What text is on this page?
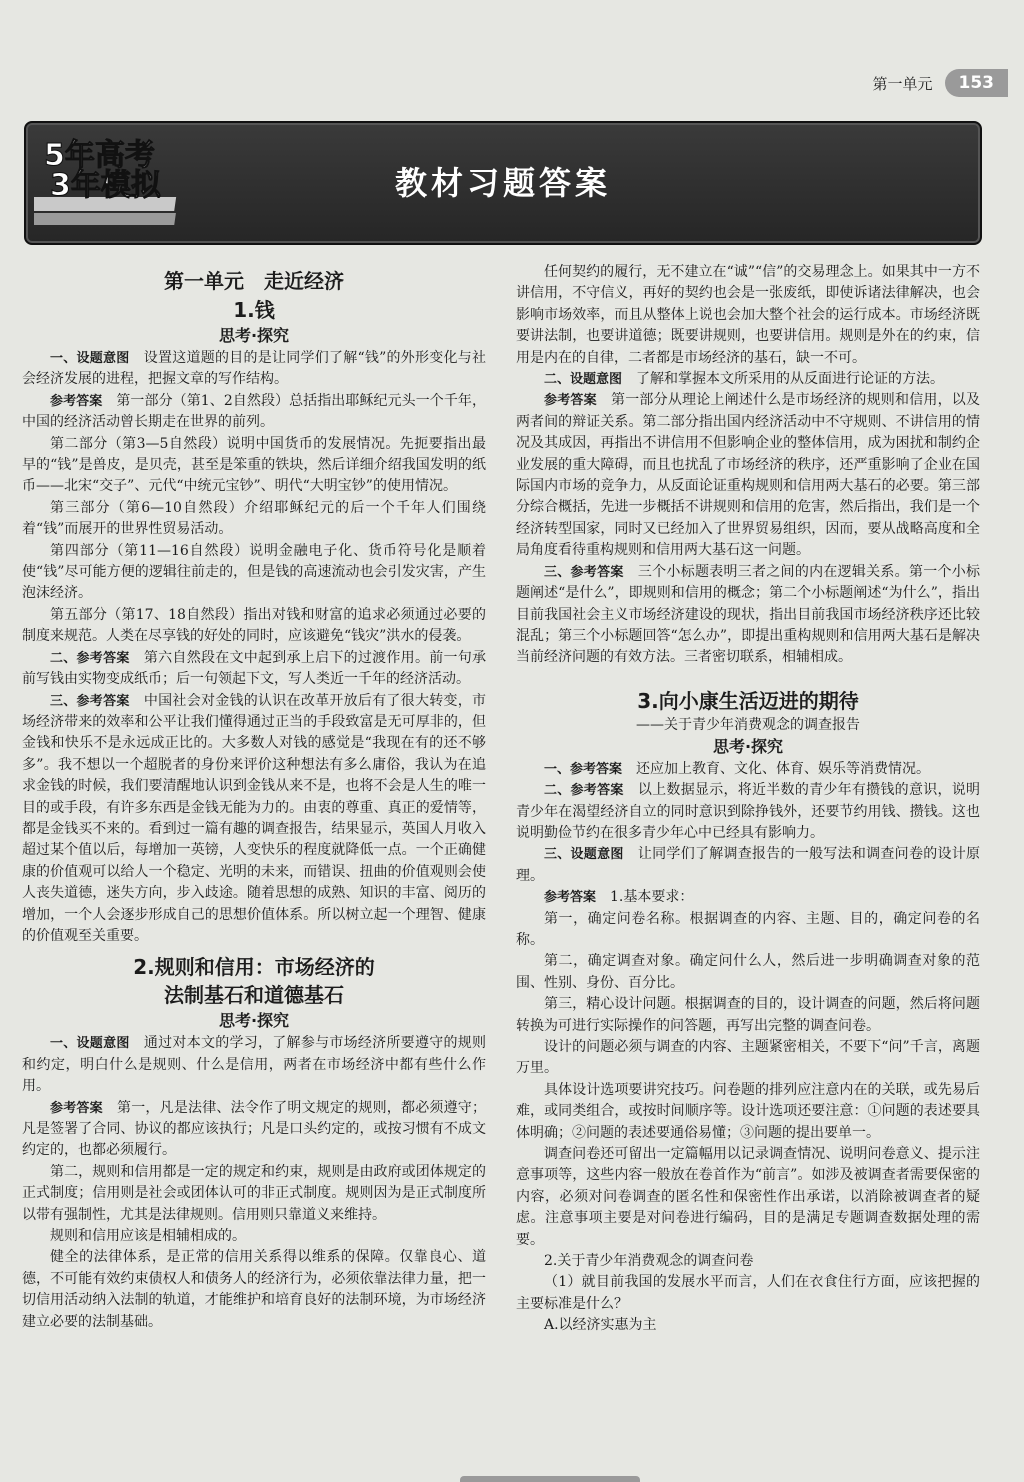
第一单元	153
5年高考
3年模拟	教材习题答案
第一单元　走近经济
1.钱
思考·探究

一、设题意图　 设置这道题的目的是让同学们了解“钱”的外形变化与社会经济发展的进程，把握文章的写作结构。

参考答案　 第一部分（第1、2自然段）总括指出耶稣纪元头一个千年，中国的经济活动曾长期走在世界的前列。

第二部分（第3—5自然段）说明中国货币的发展情况。先扼要指出最早的“钱”是兽皮，是贝壳，甚至是笨重的铁块，然后详细介绍我国发明的纸币——北宋“交子”、元代“中统元宝钞”、明代“大明宝钞”的使用情况。

第三部分（第6—10自然段）介绍耶稣纪元的后一个千年人们围绕着“钱”而展开的世界性贸易活动。

第四部分（第11—16自然段）说明金融电子化、货币符号化是顺着使“钱”尽可能方便的逻辑往前走的，但是钱的高速流动也会引发灾害，产生泡沫经济。

第五部分（第17、18自然段）指出对钱和财富的追求必须通过必要的制度来规范。人类在尽享钱的好处的同时，应该避免“钱灾”洪水的侵袭。

二、参考答案　 第六自然段在文中起到承上启下的过渡作用。前一句承前写钱由实物变成纸币；后一句领起下文，写人类近一千年的经济活动。

三、参考答案　 中国社会对金钱的认识在改革开放后有了很大转变，市场经济带来的效率和公平让我们懂得通过正当的手段致富是无可厚非的，但金钱和快乐不是永远成正比的。大多数人对钱的感觉是“我现在有的还不够多”。我不想以一个超脱者的身份来评价这种想法有多么庸俗，我认为在追求金钱的时候，我们要清醒地认识到金钱从来不是，也将不会是人生的唯一目的或手段，有许多东西是金钱无能为力的。由衷的尊重、真正的爱情等，都是金钱买不来的。看到过一篇有趣的调查报告，结果显示，英国人月收入超过某个值以后，每增加一英镑，人变快乐的程度就降低一点。一个正确健康的价值观可以给人一个稳定、光明的未来，而错误、扭曲的价值观则会使人丧失道德，迷失方向，步入歧途。随着思想的成熟、知识的丰富、阅历的增加，一个人会逐步形成自己的思想价值体系。所以树立起一个理智、健康的价值观至关重要。

2.规则和信用：市场经济的
法制基石和道德基石
思考·探究

一、设题意图　 通过对本文的学习，了解参与市场经济所要遵守的规则和约定，明白什么是规则、什么是信用，两者在市场经济中都有些什么作用。

参考答案　 第一，凡是法律、法令作了明文规定的规则，都必须遵守；凡是签署了合同、协议的都应该执行；凡是口头约定的，或按习惯有不成文约定的，也都必须履行。

第二，规则和信用都是一定的规定和约束，规则是由政府或团体规定的正式制度；信用则是社会或团体认可的非正式制度。规则因为是正式制度所以带有强制性，尤其是法律规则。信用则只靠道义来维持。

规则和信用应该是相辅相成的。

健全的法律体系，是正常的信用关系得以维系的保障。仅靠良心、道德，不可能有效约束债权人和债务人的经济行为，必须依靠法律力量，把一切信用活动纳入法制的轨道，才能维护和培育良好的法制环境，为市场经济建立必要的法制基础。

任何契约的履行，无不建立在“诚”“信”的交易理念上。如果其中一方不讲信用，不守信义，再好的契约也会是一张废纸，即使诉诸法律解决，也会影响市场效率，而且从整体上说也会加大整个社会的运行成本。市场经济既要讲法制，也要讲道德；既要讲规则，也要讲信用。规则是外在的约束，信用是内在的自律，二者都是市场经济的基石，缺一不可。

二、设题意图　 了解和掌握本文所采用的从反面进行论证的方法。

参考答案　 第一部分从理论上阐述什么是市场经济的规则和信用，以及两者间的辩证关系。第二部分指出国内经济活动中不守规则、不讲信用的情况及其成因，再指出不讲信用不但影响企业的整体信用，成为困扰和制约企业发展的重大障碍，而且也扰乱了市场经济的秩序，还严重影响了企业在国际国内市场的竞争力，从反面论证重构规则和信用两大基石的必要。第三部分综合概括，先进一步概括不讲规则和信用的危害，然后指出，我们是一个经济转型国家，同时又已经加入了世界贸易组织，因而，要从战略高度和全局角度看待重构规则和信用两大基石这一问题。

三、参考答案　 三个小标题表明三者之间的内在逻辑关系。第一个小标题阐述“是什么”，即规则和信用的概念；第二个小标题阐述“为什么”，指出目前我国社会主义市场经济建设的现状，指出目前我国市场经济秩序还比较混乱；第三个小标题回答“怎么办”，即提出重构规则和信用两大基石是解决当前经济问题的有效方法。三者密切联系，相辅相成。

3.向小康生活迈进的期待
——关于青少年消费观念的调查报告
思考·探究

一、参考答案　 还应加上教育、文化、体育、娱乐等消费情况。

二、参考答案　 以上数据显示，将近半数的青少年有攒钱的意识，说明青少年在渴望经济自立的同时意识到除挣钱外，还要节约用钱、攒钱。这也说明勤俭节约在很多青少年心中已经具有影响力。

三、设题意图　 让同学们了解调查报告的一般写法和调查问卷的设计原理。

参考答案　 1.基本要求：

第一，确定问卷名称。根据调查的内容、主题、目的，确定问卷的名称。

第二，确定调查对象。确定问什么人，然后进一步明确调查对象的范围、性别、身份、百分比。

第三，精心设计问题。根据调查的目的，设计调查的问题，然后将问题转换为可进行实际操作的问答题，再写出完整的调查问卷。

设计的问题必须与调查的内容、主题紧密相关，不要下“问”千言，离题万里。

具体设计选项要讲究技巧。问卷题的排列应注意内在的关联，或先易后难，或同类组合，或按时间顺序等。设计选项还要注意：①问题的表述要具体明确；②问题的表述要通俗易懂；③问题的提出要单一。

调查问卷还可留出一定篇幅用以记录调查情况、说明问卷意义、提示注意事项等，这些内容一般放在卷首作为“前言”。如涉及被调查者需要保密的内容，必须对问卷调查的匿名性和保密性作出承诺，以消除被调查者的疑虑。注意事项主要是对问卷进行编码，目的是满足专题调查数据处理的需要。

2.关于青少年消费观念的调查问卷

（1）就目前我国的发展水平而言，人们在衣食住行方面，应该把握的主要标准是什么？

A.以经济实惠为主
